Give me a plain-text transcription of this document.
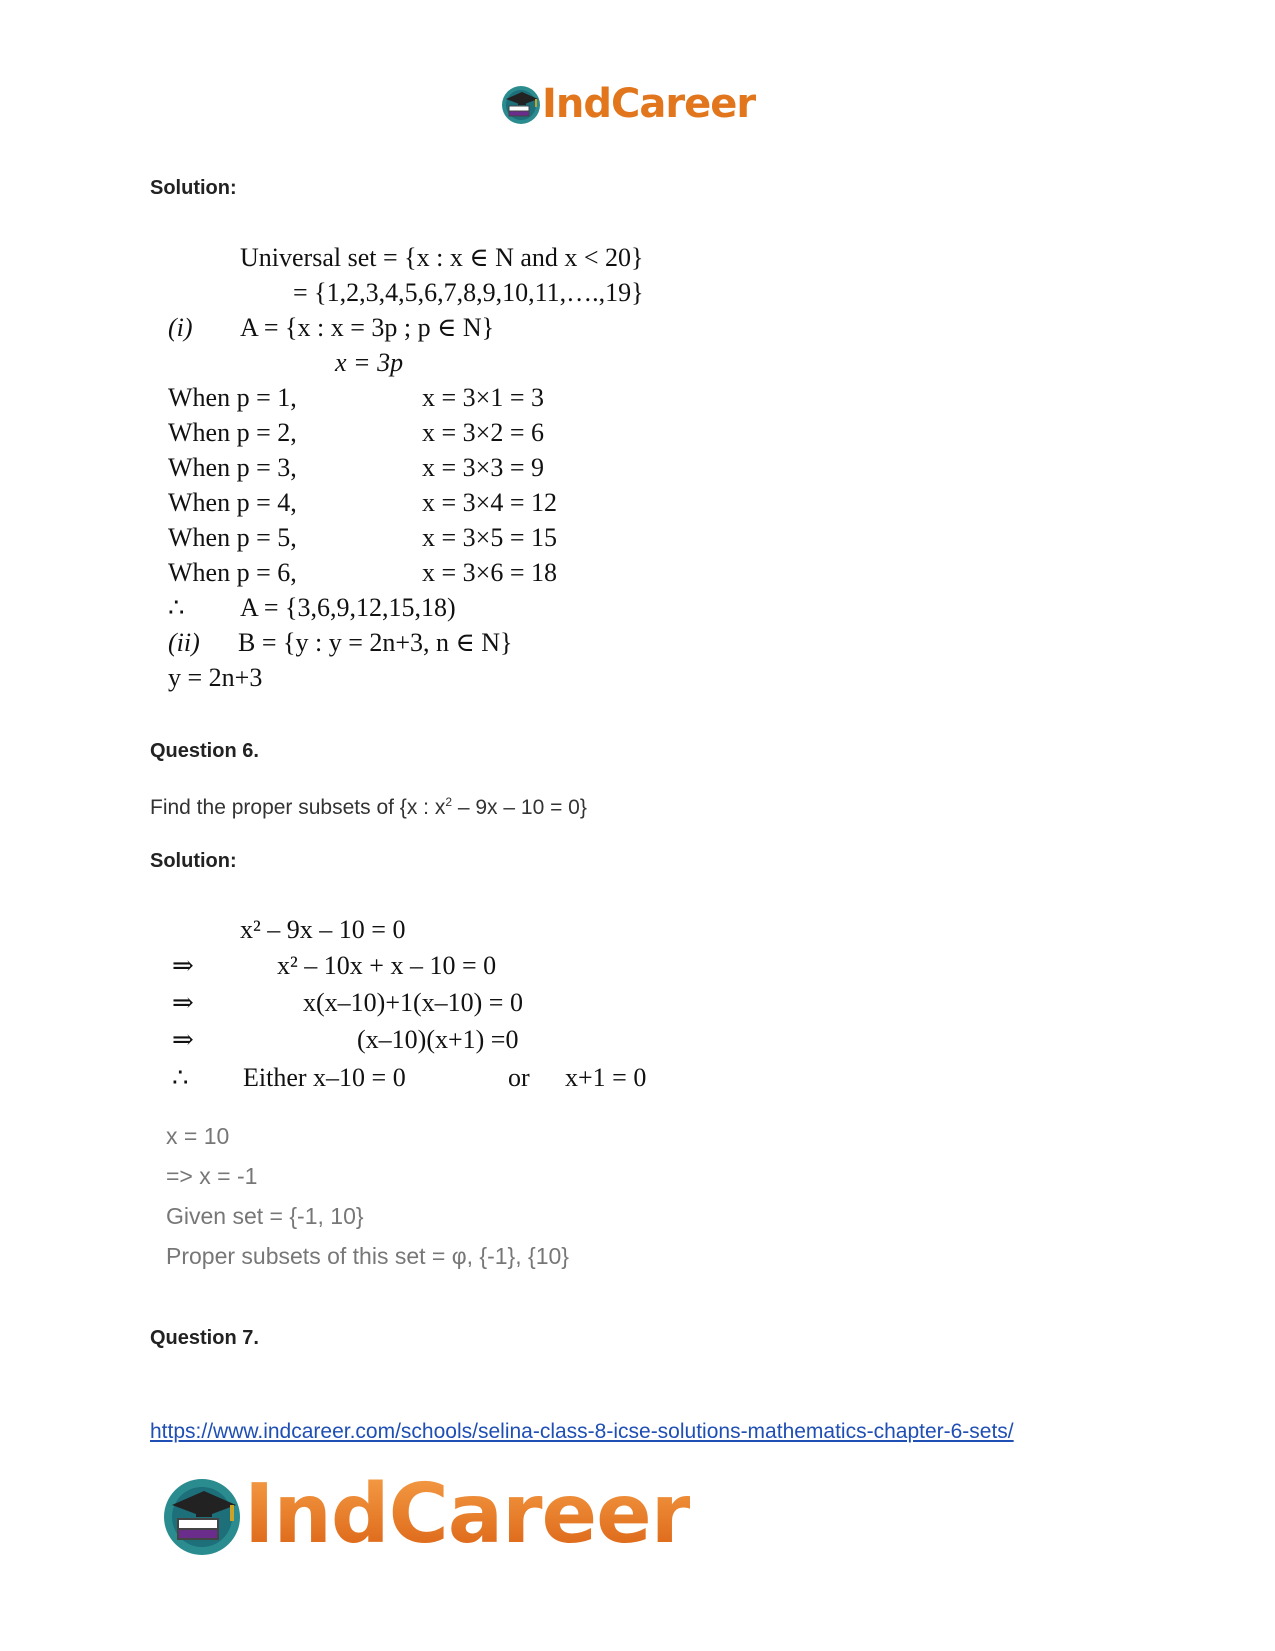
IndCareer
Solution:
Universal set = {x : x ∈ N and x < 20}
= {1,2,3,4,5,6,7,8,9,10,11,….,19}
(i) A = {x : x = 3p ; p ∈ N}
x = 3p
When p = 1,	x = 3×1 = 3
When p = 2,	x = 3×2 = 6
When p = 3,	x = 3×3 = 9
When p = 4,	x = 3×4 = 12
When p = 5,	x = 3×5 = 15
When p = 6,	x = 3×6 = 18
∴ A = {3,6,9,12,15,18)
(ii) B = {y : y = 2n+3, n ∈ N}
y = 2n+3
Question 6.
Find the proper subsets of {x : $x^2 - 9x - 10 = 0$}
Solution:
x² – 9x – 10 = 0
⇒	x² – 10x + x – 10 = 0
⇒	x(x–10)+1(x–10) = 0
⇒	(x–10)(x+1) =0
∴ Either x–10 = 0	or x+1 = 0
x = 10
=> x = -1
Given set = {-1, 10}
Proper subsets of this set = φ, {-1}, {10}
Question 7.
https://www.indcareer.com/schools/selina-class-8-icse-solutions-mathematics-chapter-6-sets/
IndCareer
